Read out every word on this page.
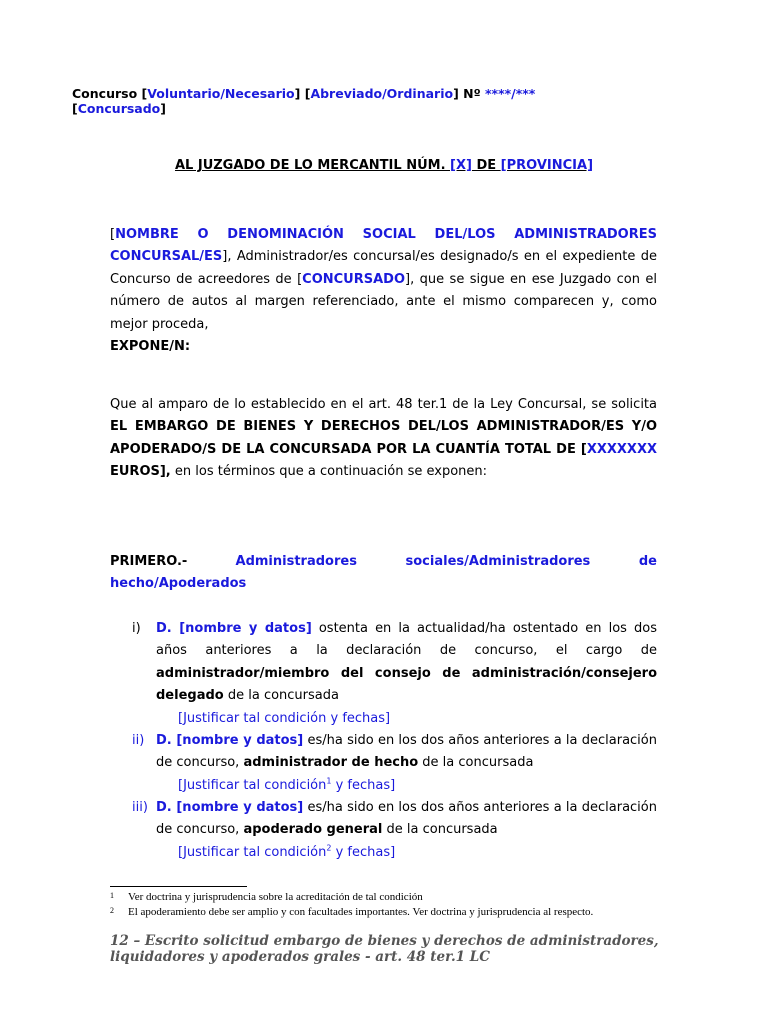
Concurso [Voluntario/Necesario] [Abreviado/Ordinario] Nº ****/***
[Concursado]
AL JUZGADO DE LO MERCANTIL NÚM. [X] DE [PROVINCIA]
[NOMBRE O DENOMINACIÓN SOCIAL DEL/LOS ADMINISTRADORES CONCURSAL/ES], Administrador/es concursal/es designado/s en el expediente de Concurso de acreedores de [CONCURSADO], que se sigue en ese Juzgado con el número de autos al margen referenciado, ante el mismo comparecen y, como mejor proceda,
EXPONE/N:
Que al amparo de lo establecido en el art. 48 ter.1 de la Ley Concursal, se solicita EL EMBARGO DE BIENES Y DERECHOS DEL/LOS ADMINISTRADOR/ES Y/O APODERADO/S DE LA CONCURSADA POR LA CUANTÍA TOTAL DE [XXXXXXX EUROS], en los términos que a continuación se exponen:
PRIMERO.-	Administradores sociales/Administradores de hecho/Apoderados
i) D. [nombre y datos] ostenta en la actualidad/ha ostentado en los dos años anteriores a la declaración de concurso, el cargo de administrador/miembro del consejo de administración/consejero delegado de la concursada
[Justificar tal condición y fechas]
ii) D. [nombre y datos] es/ha sido en los dos años anteriores a la declaración de concurso, administrador de hecho de la concursada
[Justificar tal condición$^1$ y fechas]
iii) D. [nombre y datos] es/ha sido en los dos años anteriores a la declaración de concurso, apoderado general de la concursada
[Justificar tal condición$^2$ y fechas]
1 Ver doctrina y jurisprudencia sobre la acreditación de tal condición
2 El apoderamiento debe ser amplio y con facultades importantes. Ver doctrina y jurisprudencia al respecto.
12 – Escrito solicitud embargo de bienes y derechos de administradores, liquidadores y apoderados grales - art. 48 ter.1 LC
